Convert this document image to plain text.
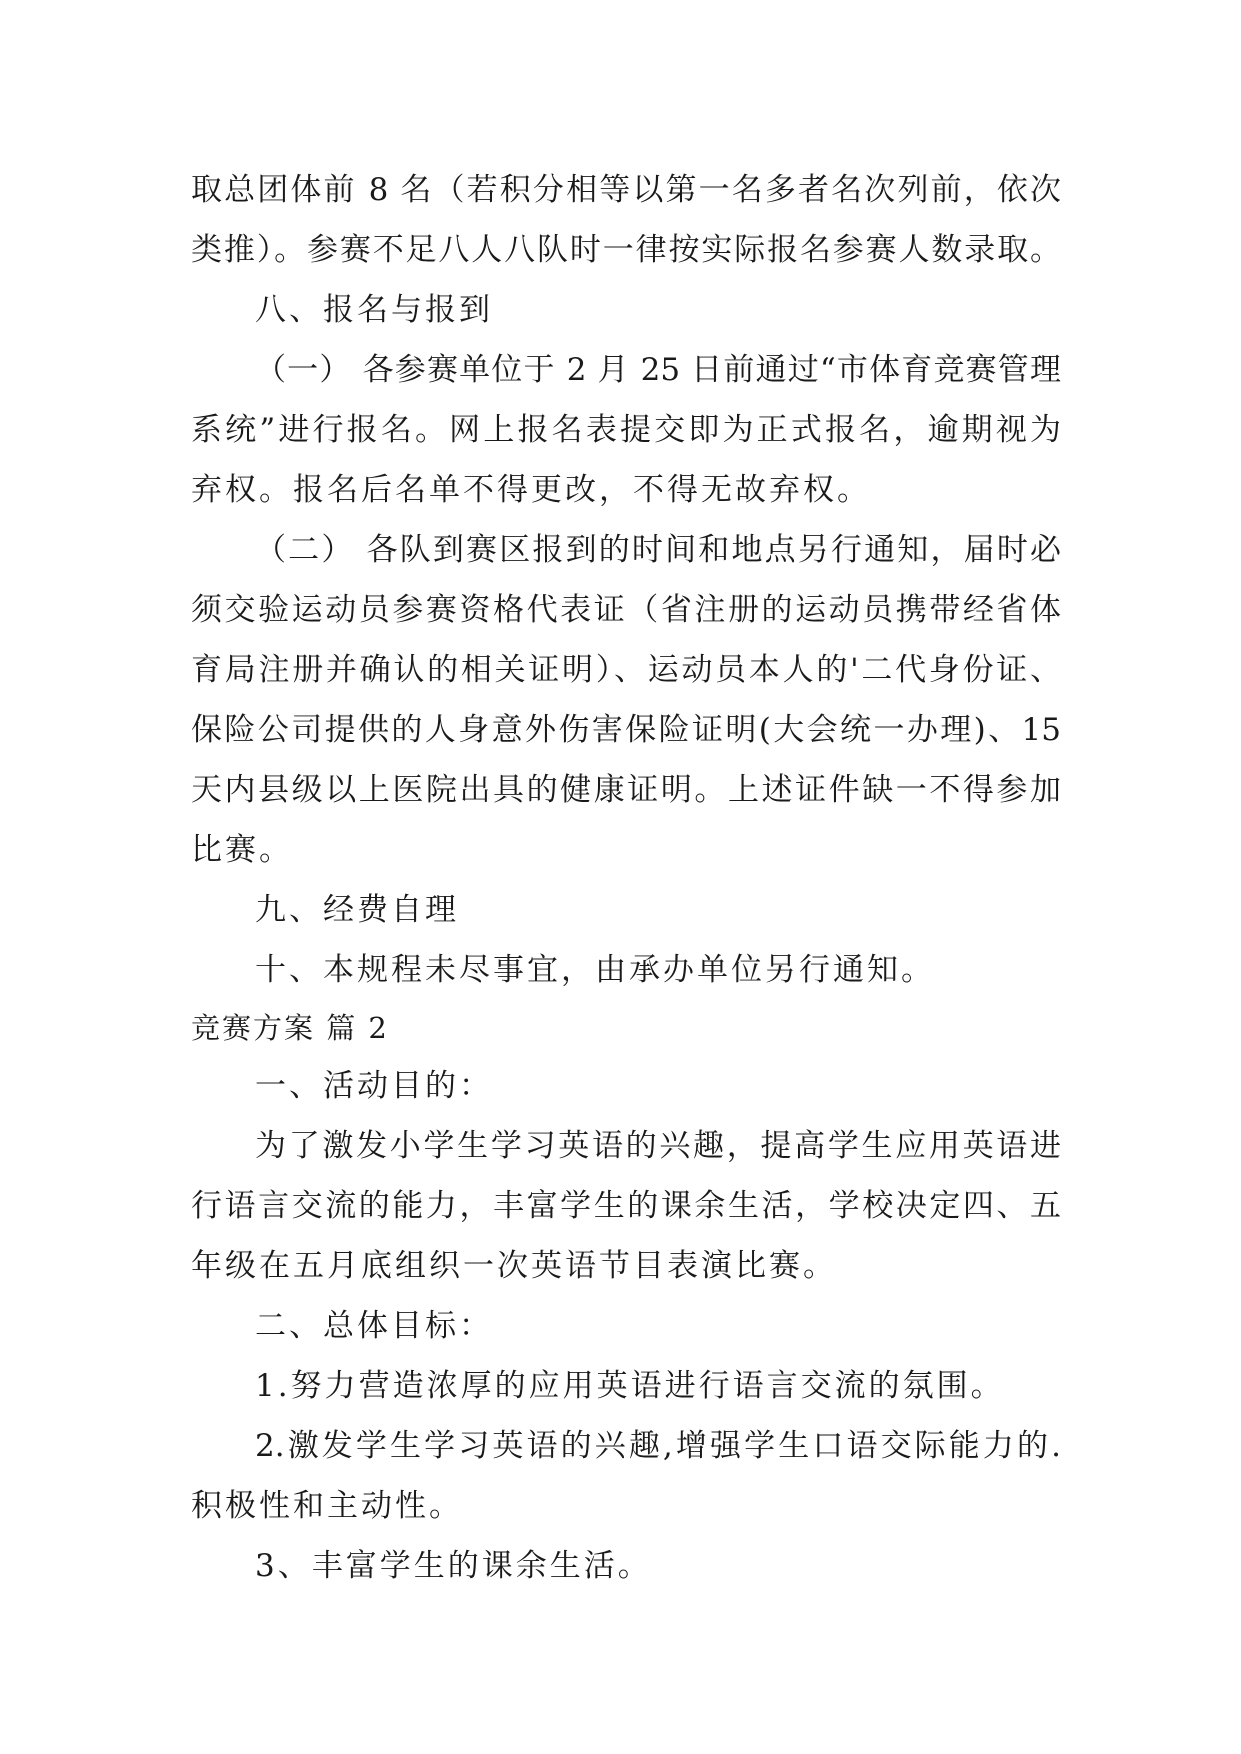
取总团体前 8 名（若积分相等以第一名多者名次列前，依次
类推）。参赛不足八人八队时一律按实际报名参赛人数录取。
八、报名与报到
（一） 各参赛单位于 2 月 25 日前通过“市体育竞赛管理
系统”进行报名。网上报名表提交即为正式报名，逾期视为
弃权。报名后名单不得更改，不得无故弃权。
（二） 各队到赛区报到的时间和地点另行通知，届时必
须交验运动员参赛资格代表证（省注册的运动员携带经省体
育局注册并确认的相关证明）、运动员本人的'二代身份证、
保险公司提供的人身意外伤害保险证明(大会统一办理)、15
天内县级以上医院出具的健康证明。上述证件缺一不得参加
比赛。
九、经费自理
十、本规程未尽事宜，由承办单位另行通知。
竞赛方案 篇 2
一、活动目的：
为了激发小学生学习英语的兴趣，提高学生应用英语进
行语言交流的能力，丰富学生的课余生活，学校决定四、五
年级在五月底组织一次英语节目表演比赛。
二、总体目标：
1.努力营造浓厚的应用英语进行语言交流的氛围。
2.激发学生学习英语的兴趣,增强学生口语交际能力的.
积极性和主动性。
3、丰富学生的课余生活。
